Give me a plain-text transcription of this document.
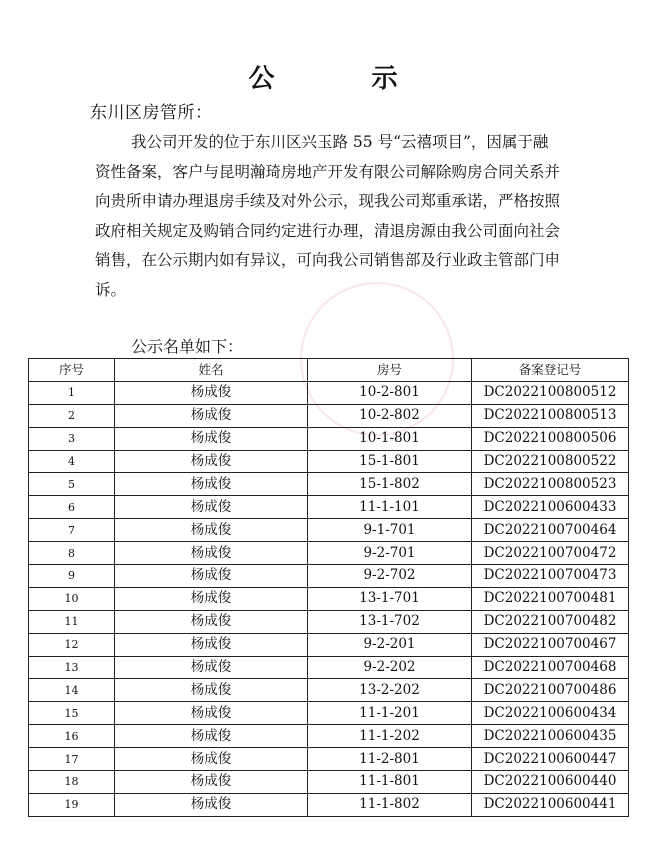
公 示
东川区房管所：
我公司开发的位于东川区兴玉路 55 号“云禧项目”，因属于融
资性备案，客户与昆明瀚琦房地产开发有限公司解除购房合同关系并
向贵所申请办理退房手续及对外公示，现我公司郑重承诺，严格按照
政府相关规定及购销合同约定进行办理，清退房源由我公司面向社会
销售，在公示期内如有异议，可向我公司销售部及行业政主管部门申
诉。
公示名单如下：
序号	姓名	房号	备案登记号
1	杨成俊	10-2-801	DC2022100800512
2	杨成俊	10-2-802	DC2022100800513
3	杨成俊	10-1-801	DC2022100800506
4	杨成俊	15-1-801	DC2022100800522
5	杨成俊	15-1-802	DC2022100800523
6	杨成俊	11-1-101	DC2022100600433
7	杨成俊	9-1-701	DC2022100700464
8	杨成俊	9-2-701	DC2022100700472
9	杨成俊	9-2-702	DC2022100700473
10	杨成俊	13-1-701	DC2022100700481
11	杨成俊	13-1-702	DC2022100700482
12	杨成俊	9-2-201	DC2022100700467
13	杨成俊	9-2-202	DC2022100700468
14	杨成俊	13-2-202	DC2022100700486
15	杨成俊	11-1-201	DC2022100600434
16	杨成俊	11-1-202	DC2022100600435
17	杨成俊	11-2-801	DC2022100600447
18	杨成俊	11-1-801	DC2022100600440
19	杨成俊	11-1-802	DC2022100600441
